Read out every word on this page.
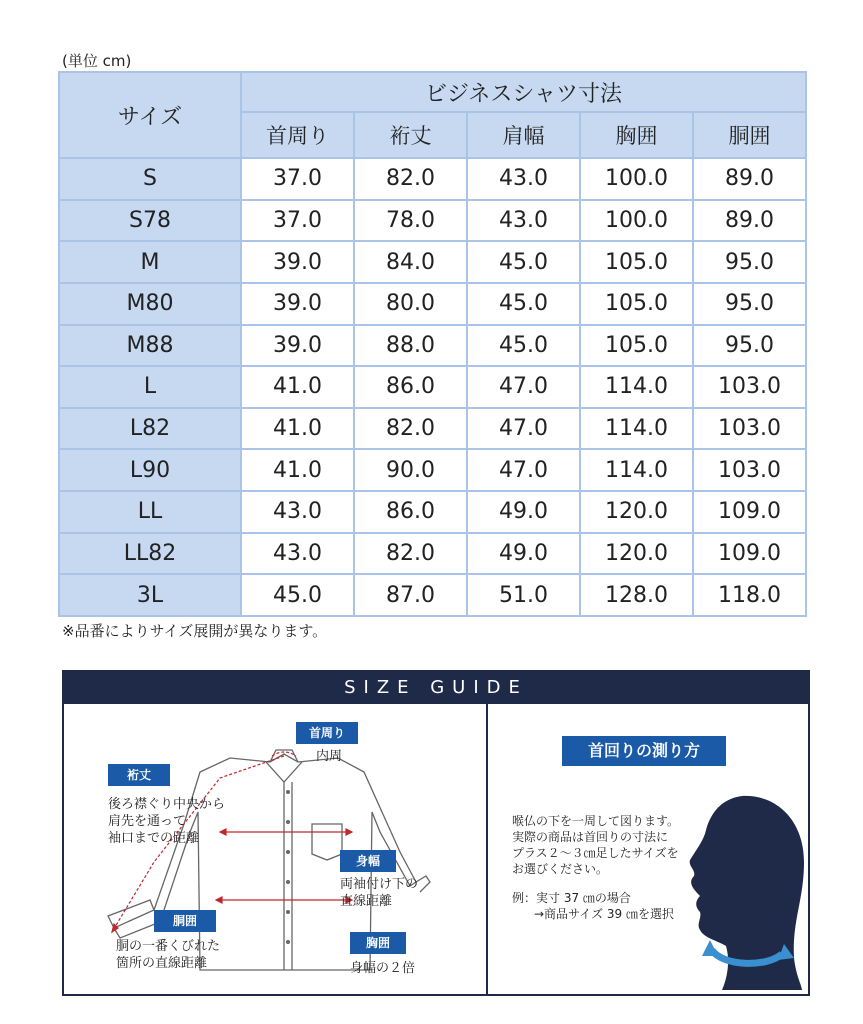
(単位 cm)
サイズ	ビジネスシャツ寸法				
	首周り	裄丈	肩幅	胸囲	胴囲
S	37.0	82.0	43.0	100.0	89.0
S78	37.0	78.0	43.0	100.0	89.0
M	39.0	84.0	45.0	105.0	95.0
M80	39.0	80.0	45.0	105.0	95.0
M88	39.0	88.0	45.0	105.0	95.0
L	41.0	86.0	47.0	114.0	103.0
L82	41.0	82.0	47.0	114.0	103.0
L90	41.0	90.0	47.0	114.0	103.0
LL	43.0	86.0	49.0	120.0	109.0
LL82	43.0	82.0	49.0	120.0	109.0
3L	45.0	87.0	51.0	128.0	118.0
※品番によりサイズ展開が異なります。
SIZE GUIDE
首周り
内周
裄丈
後ろ襟ぐり中央から
肩先を通って
袖口までの距離
身幅
両袖付け下の
直線距離
胴囲
胴の一番くびれた
箇所の直線距離
胸囲
身幅の２倍
首回りの測り方
喉仏の下を一周して図ります。
実際の商品は首回りの寸法に
プラス２～３㎝足したサイズを
お選びください。
例：実寸 37 ㎝の場合
→商品サイズ 39 ㎝を選択
